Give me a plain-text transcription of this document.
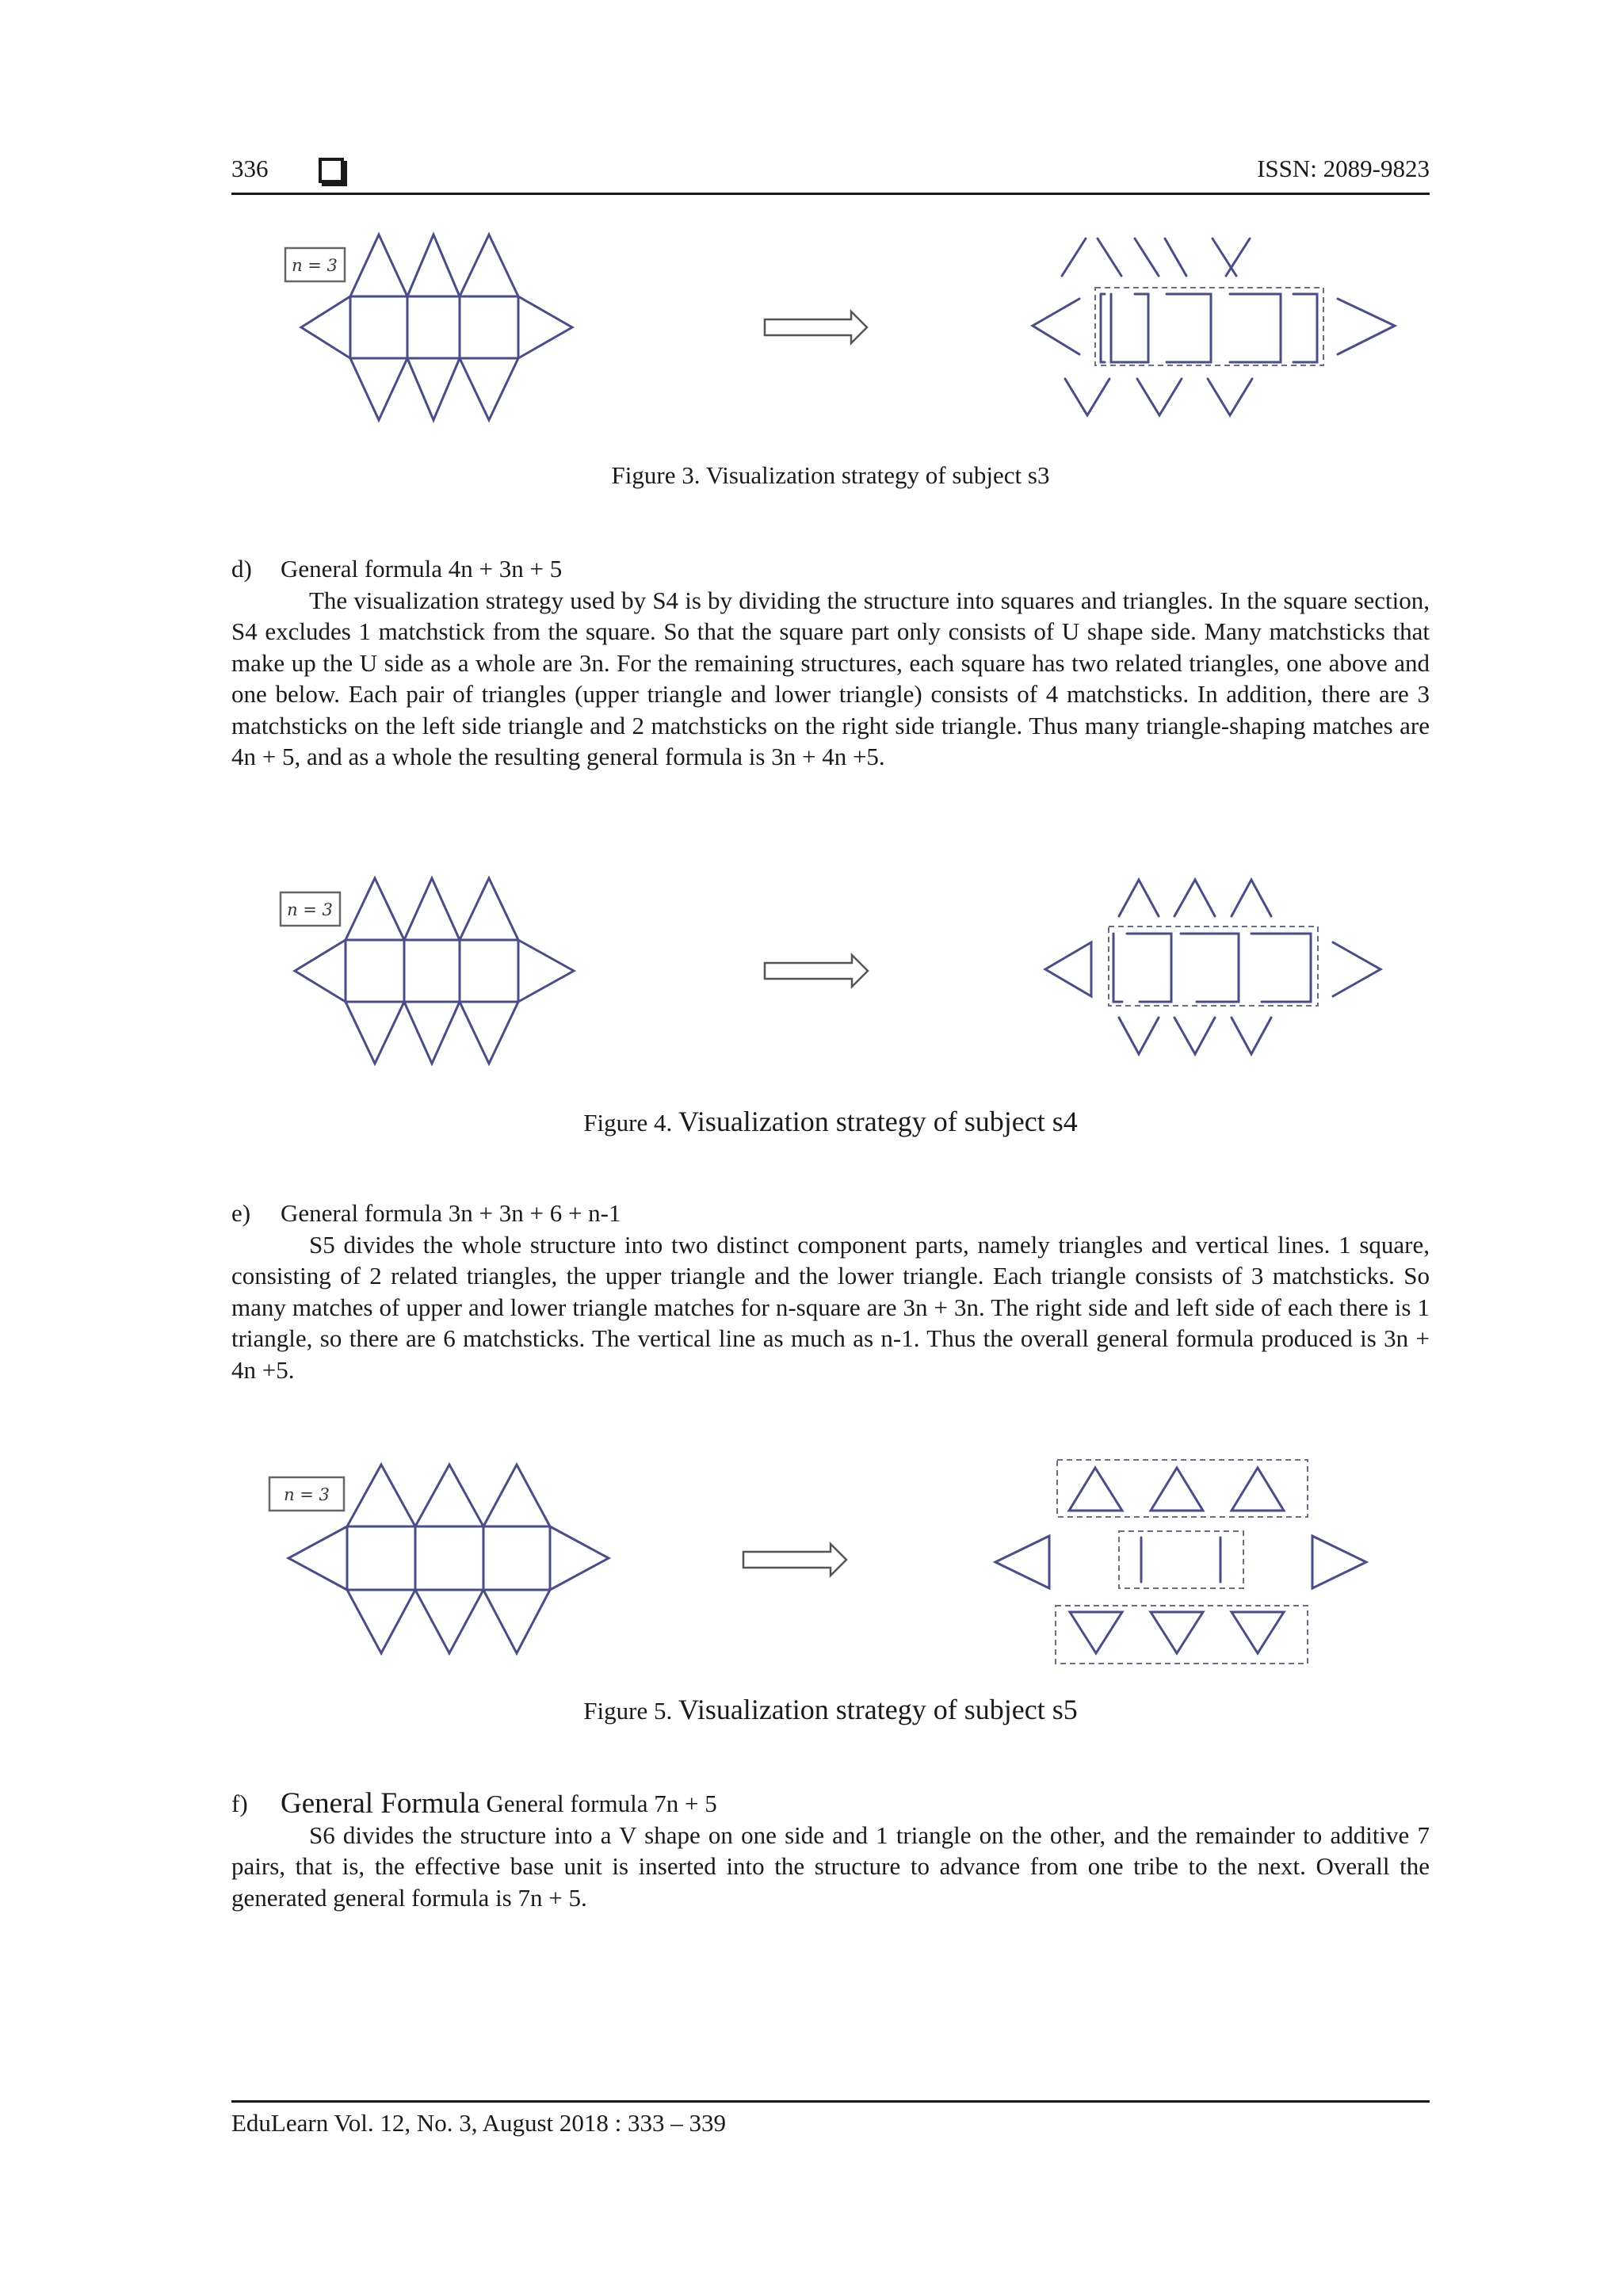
336	ISSN: 2089-9823
n = 3
Figure 3. Visualization strategy of subject s3
d)	General formula 4n + 3n + 5

The visualization strategy used by S4 is by dividing the structure into squares and triangles. In the square section, S4 excludes 1 matchstick from the square. So that the square part only consists of U shape side. Many matchsticks that make up the U side as a whole are 3n. For the remaining structures, each square has two related triangles, one above and one below. Each pair of triangles (upper triangle and lower triangle) consists of 4 matchsticks. In addition, there are 3 matchsticks on the left side triangle and 2 matchsticks on the right side triangle. Thus many triangle-shaping matches are 4n + 5, and as a whole the resulting general formula is 3n + 4n +5.

n = 3
Figure 4. Visualization strategy of subject s4
e)	General formula 3n + 3n + 6 + n-1

S5 divides the whole structure into two distinct component parts, namely triangles and vertical lines. 1 square, consisting of 2 related triangles, the upper triangle and the lower triangle. Each triangle consists of 3 matchsticks. So many matches of upper and lower triangle matches for n-square are 3n + 3n. The right side and left side of each there is 1 triangle, so there are 6 matchsticks. The vertical line as much as n-1. Thus the overall general formula produced is 3n + 4n +5.

n = 3
Figure 5. Visualization strategy of subject s5
f)	General Formula General formula 7n + 5

S6 divides the structure into a V shape on one side and 1 triangle on the other, and the remainder to additive 7 pairs, that is, the effective base unit is inserted into the structure to advance from one tribe to the next. Overall the generated general formula is 7n + 5.

EduLearn Vol. 12, No. 3, August 2018 : 333 – 339
